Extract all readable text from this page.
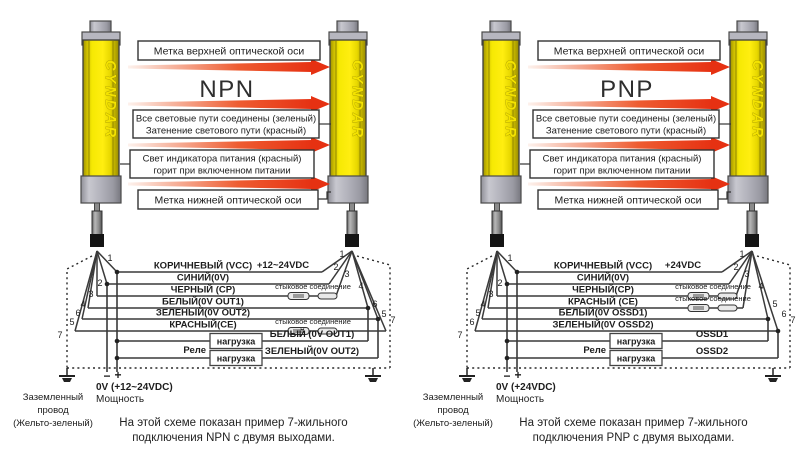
КОРИЧНЕВЫЙ (VCC)
СИНИЙ(0V)
ЧЕРНЫЙ (СР)
БЕЛЫЙ(0V OUT1)
ЗЕЛЕНЫЙ(0V OUT2)
КРАСНЫЙ(СЕ)
+12~24VDC
стыковое соединение
стыковое соединение
нагрузка
БЕЛЫЙ (0V OUT1)
нагрузка
ЗЕЛЕНЫЙ(0V OUT2)
Реле
Заземленный
провод
(Жельто-зеленый)
− +
0V (+12~24VDC)
Мощность
1
2
3
4
6
5
7
1
2
3
4
6
5
7
CYNDAR	CYNDAR
Метка верхней оптической оси
Все световые пути соединены (зеленый)
Затенение светового пути (красный)
Свет индикатора питания (красный)
горит при включенном питании
Метка нижней оптической оси
NPN
На этой схеме показан пример 7-жильного
подключения NPN с двумя выходами.
КОРИЧНЕВЫЙ (VCC)
СИНИЙ(0V)
ЧЕРНЫЙ(СР)
КРАСНЫЙ (СЕ)
БЕЛЫЙ(0V OSSD1)
ЗЕЛЕНЫЙ(0V OSSD2)
+24VDC
стыковое соединение
стыковое соединение
нагрузка
OSSD1
нагрузка
OSSD2
Реле
Заземленный
провод
(Жельто-зеленый)
− +
0V (+24VDC)
Мощность
1
2
3
4
5
6
7
1
2
3
4
5
6
7
CYNDAR	CYNDAR
Метка верхней оптической оси
Все световые пути соединены (зеленый)
Затенение светового пути (красный)
Свет индикатора питания (красный)
горит при включенном питании
Метка нижней оптической оси
PNP
На этой схеме показан пример 7-жильного
подключения PNP с двумя выходами.
